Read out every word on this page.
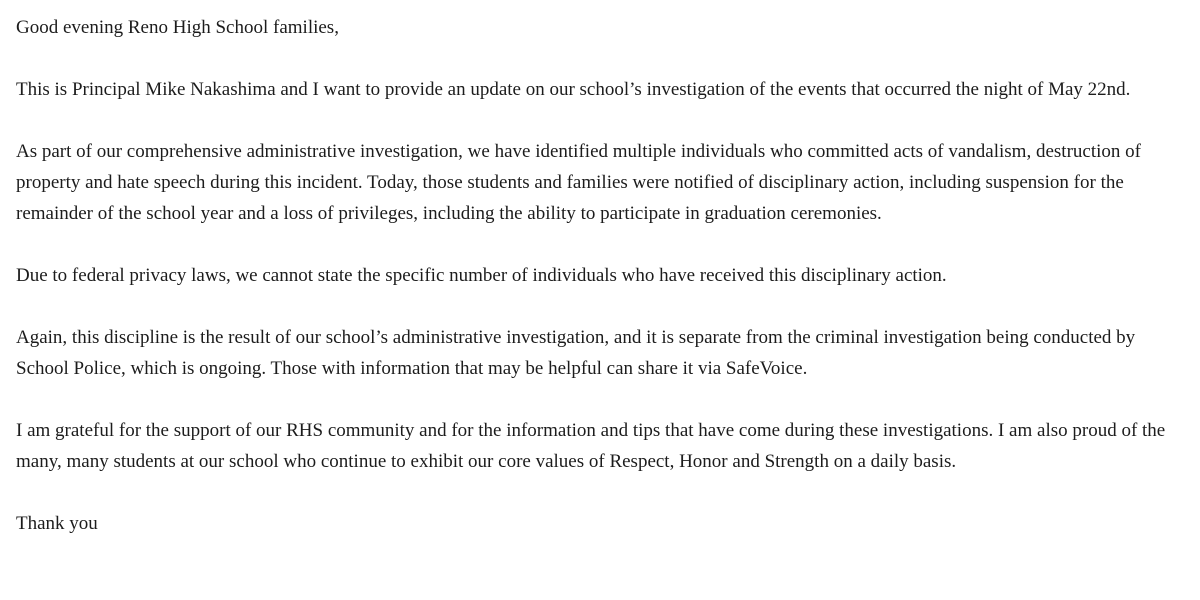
Good evening Reno High School families,

This is Principal Mike Nakashima and I want to provide an update on our school’s investigation of the events that occurred the night of May 22nd.

As part of our comprehensive administrative investigation, we have identified multiple individuals who committed acts of vandalism, destruction of property and hate speech during this incident. Today, those students and families were notified of disciplinary action, including suspension for the remainder of the school year and a loss of privileges, including the ability to participate in graduation ceremonies.

Due to federal privacy laws, we cannot state the specific number of individuals who have received this disciplinary action.

Again, this discipline is the result of our school’s administrative investigation, and it is separate from the criminal investigation being conducted by School Police, which is ongoing. Those with information that may be helpful can share it via SafeVoice.

I am grateful for the support of our RHS community and for the information and tips that have come during these investigations. I am also proud of the many, many students at our school who continue to exhibit our core values of Respect, Honor and Strength on a daily basis.

Thank you
